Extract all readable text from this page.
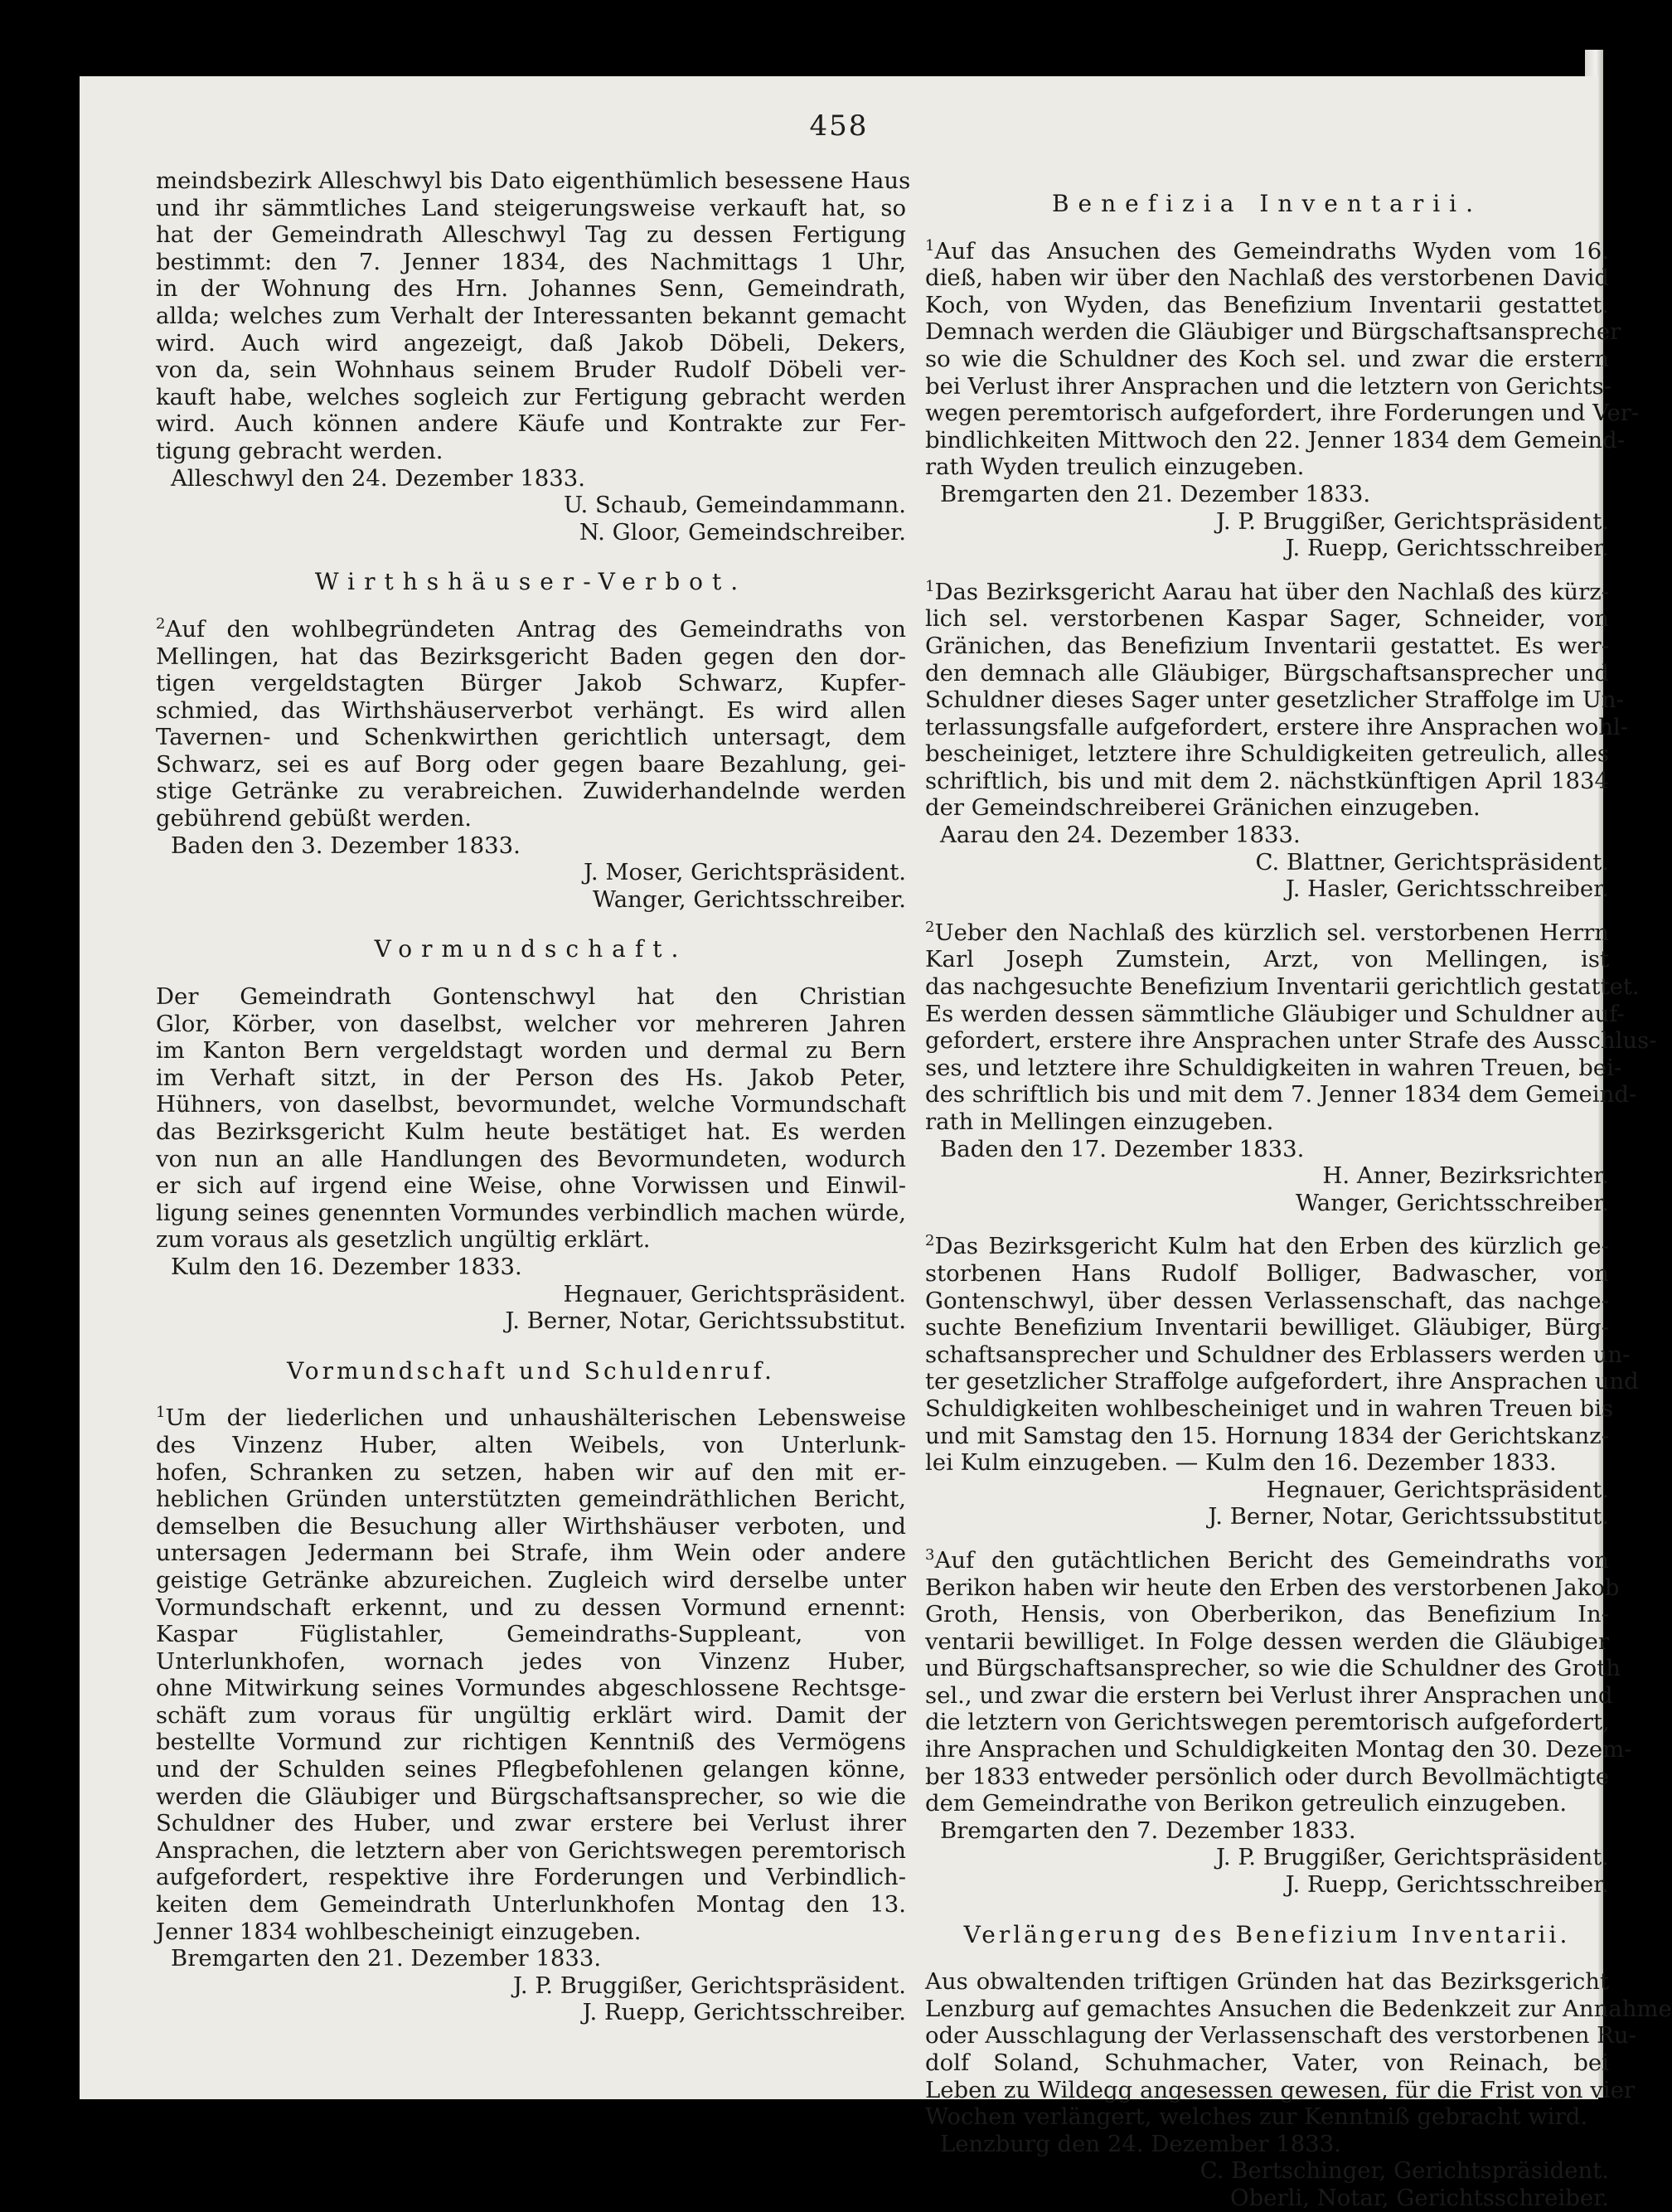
458
meindsbezirk Alleschwyl bis Dato eigenthümlich besessene Haus
und ihr sämmtliches Land steigerungsweise verkauft hat, so
hat der Gemeindrath Alleschwyl Tag zu dessen Fertigung
bestimmt: den 7. Jenner 1834, des Nachmittags 1 Uhr,
in der Wohnung des Hrn. Johannes Senn, Gemeindrath,
allda; welches zum Verhalt der Interessanten bekannt gemacht
wird. Auch wird angezeigt, daß Jakob Döbeli, Dekers,
von da, sein Wohnhaus seinem Bruder Rudolf Döbeli ver-
kauft habe, welches sogleich zur Fertigung gebracht werden
wird. Auch können andere Käufe und Kontrakte zur Fer-
tigung gebracht werden.
Alleschwyl den 24. Dezember 1833.
U. Schaub, Gemeindammann.
N. Gloor, Gemeindschreiber.
Wirthshäuser-Verbot.
$^2$Auf den wohlbegründeten Antrag des Gemeindraths von
Mellingen, hat das Bezirksgericht Baden gegen den dor-
tigen vergeldstagten Bürger Jakob Schwarz, Kupfer-
schmied, das Wirthshäuserverbot verhängt. Es wird allen
Tavernen- und Schenkwirthen gerichtlich untersagt, dem
Schwarz, sei es auf Borg oder gegen baare Bezahlung, gei-
stige Getränke zu verabreichen. Zuwiderhandelnde werden
gebührend gebüßt werden.
Baden den 3. Dezember 1833.
J. Moser, Gerichtspräsident.
Wanger, Gerichtsschreiber.
Vormundschaft.
Der Gemeindrath Gontenschwyl hat den Christian
Glor, Körber, von daselbst, welcher vor mehreren Jahren
im Kanton Bern vergeldstagt worden und dermal zu Bern
im Verhaft sitzt, in der Person des Hs. Jakob Peter,
Hühners, von daselbst, bevormundet, welche Vormundschaft
das Bezirksgericht Kulm heute bestätiget hat. Es werden
von nun an alle Handlungen des Bevormundeten, wodurch
er sich auf irgend eine Weise, ohne Vorwissen und Einwil-
ligung seines genennten Vormundes verbindlich machen würde,
zum voraus als gesetzlich ungültig erklärt.
Kulm den 16. Dezember 1833.
Hegnauer, Gerichtspräsident.
J. Berner, Notar, Gerichtssubstitut.
Vormundschaft und Schuldenruf.
$^1$Um der liederlichen und unhaushälterischen Lebensweise
des Vinzenz Huber, alten Weibels, von Unterlunk-
hofen, Schranken zu setzen, haben wir auf den mit er-
heblichen Gründen unterstützten gemeindräthlichen Bericht,
demselben die Besuchung aller Wirthshäuser verboten, und
untersagen Jedermann bei Strafe, ihm Wein oder andere
geistige Getränke abzureichen. Zugleich wird derselbe unter
Vormundschaft erkennt, und zu dessen Vormund ernennt:
Kaspar Füglistahler, Gemeindraths-Suppleant, von
Unterlunkhofen, wornach jedes von Vinzenz Huber,
ohne Mitwirkung seines Vormundes abgeschlossene Rechtsge-
schäft zum voraus für ungültig erklärt wird. Damit der
bestellte Vormund zur richtigen Kenntniß des Vermögens
und der Schulden seines Pflegbefohlenen gelangen könne,
werden die Gläubiger und Bürgschaftsansprecher, so wie die
Schuldner des Huber, und zwar erstere bei Verlust ihrer
Ansprachen, die letztern aber von Gerichtswegen peremtorisch
aufgefordert, respektive ihre Forderungen und Verbindlich-
keiten dem Gemeindrath Unterlunkhofen Montag den 13.
Jenner 1834 wohlbescheinigt einzugeben.
Bremgarten den 21. Dezember 1833.
J. P. Bruggißer, Gerichtspräsident.
J. Ruepp, Gerichtsschreiber.
Benefizia Inventarii.
$^1$Auf das Ansuchen des Gemeindraths Wyden vom 16.
dieß, haben wir über den Nachlaß des verstorbenen David
Koch, von Wyden, das Benefizium Inventarii gestattet.
Demnach werden die Gläubiger und Bürgschaftsansprecher
so wie die Schuldner des Koch sel. und zwar die erstern
bei Verlust ihrer Ansprachen und die letztern von Gerichts-
wegen peremtorisch aufgefordert, ihre Forderungen und Ver-
bindlichkeiten Mittwoch den 22. Jenner 1834 dem Gemeind-
rath Wyden treulich einzugeben.
Bremgarten den 21. Dezember 1833.
J. P. Bruggißer, Gerichtspräsident.
J. Ruepp, Gerichtsschreiber.
$^1$Das Bezirksgericht Aarau hat über den Nachlaß des kürz-
lich sel. verstorbenen Kaspar Sager, Schneider, von
Gränichen, das Benefizium Inventarii gestattet. Es wer-
den demnach alle Gläubiger, Bürgschaftsansprecher und
Schuldner dieses Sager unter gesetzlicher Straffolge im Un-
terlassungsfalle aufgefordert, erstere ihre Ansprachen wohl-
bescheiniget, letztere ihre Schuldigkeiten getreulich, alles
schriftlich, bis und mit dem 2. nächstkünftigen April 1834
der Gemeindschreiberei Gränichen einzugeben.
Aarau den 24. Dezember 1833.
C. Blattner, Gerichtspräsident.
J. Hasler, Gerichtsschreiber.
$^2$Ueber den Nachlaß des kürzlich sel. verstorbenen Herrn
Karl Joseph Zumstein, Arzt, von Mellingen, ist
das nachgesuchte Benefizium Inventarii gerichtlich gestattet.
Es werden dessen sämmtliche Gläubiger und Schuldner auf-
gefordert, erstere ihre Ansprachen unter Strafe des Ausschlus-
ses, und letztere ihre Schuldigkeiten in wahren Treuen, bei-
des schriftlich bis und mit dem 7. Jenner 1834 dem Gemeind-
rath in Mellingen einzugeben.
Baden den 17. Dezember 1833.
H. Anner, Bezirksrichter.
Wanger, Gerichtsschreiber.
$^2$Das Bezirksgericht Kulm hat den Erben des kürzlich ge-
storbenen Hans Rudolf Bolliger, Badwascher, von
Gontenschwyl, über dessen Verlassenschaft, das nachge-
suchte Benefizium Inventarii bewilliget. Gläubiger, Bürg-
schaftsansprecher und Schuldner des Erblassers werden un-
ter gesetzlicher Straffolge aufgefordert, ihre Ansprachen und
Schuldigkeiten wohlbescheiniget und in wahren Treuen bis
und mit Samstag den 15. Hornung 1834 der Gerichtskanz-
lei Kulm einzugeben. — Kulm den 16. Dezember 1833.
Hegnauer, Gerichtspräsident.
J. Berner, Notar, Gerichtssubstitut.
$^3$Auf den gutächtlichen Bericht des Gemeindraths von
Berikon haben wir heute den Erben des verstorbenen Jakob
Groth, Hensis, von Oberberikon, das Benefizium In-
ventarii bewilliget. In Folge dessen werden die Gläubiger
und Bürgschaftsansprecher, so wie die Schuldner des Groth
sel., und zwar die erstern bei Verlust ihrer Ansprachen und
die letztern von Gerichtswegen peremtorisch aufgefordert,
ihre Ansprachen und Schuldigkeiten Montag den 30. Dezem-
ber 1833 entweder persönlich oder durch Bevollmächtigte
dem Gemeindrathe von Berikon getreulich einzugeben.
Bremgarten den 7. Dezember 1833.
J. P. Bruggißer, Gerichtspräsident.
J. Ruepp, Gerichtsschreiber.
Verlängerung des Benefizium Inventarii.
Aus obwaltenden triftigen Gründen hat das Bezirksgericht
Lenzburg auf gemachtes Ansuchen die Bedenkzeit zur Annahme
oder Ausschlagung der Verlassenschaft des verstorbenen Ru-
dolf Soland, Schuhmacher, Vater, von Reinach, bei
Leben zu Wildegg angesessen gewesen, für die Frist von vier
Wochen verlängert, welches zur Kenntniß gebracht wird.
Lenzburg den 24. Dezember 1833.
C. Bertschinger, Gerichtspräsident.
Oberli, Notar, Gerichtsschreiber.
